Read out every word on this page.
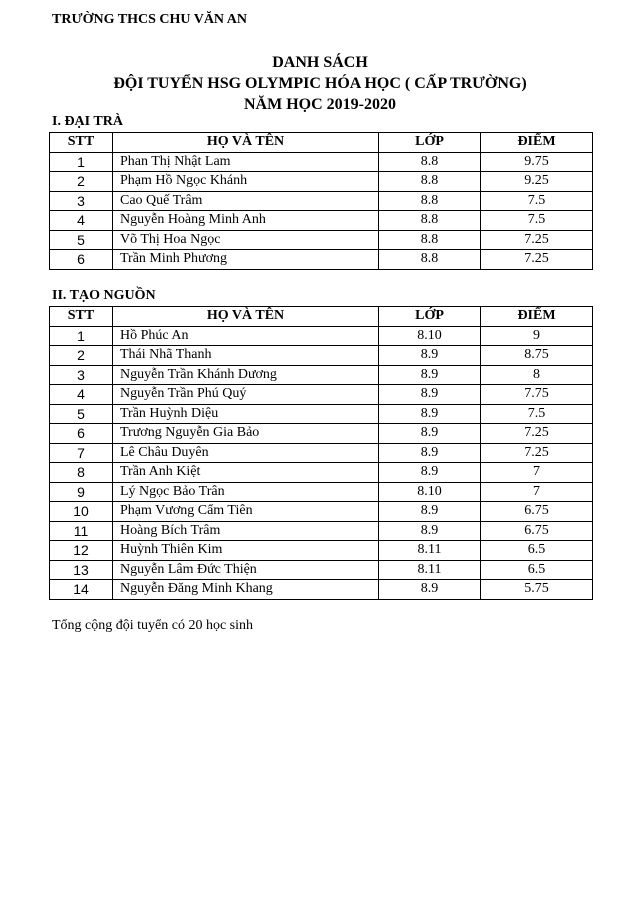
TRƯỜNG THCS CHU VĂN AN
DANH SÁCH
ĐỘI TUYỂN HSG OLYMPIC HÓA HỌC ( CẤP TRƯỜNG)
NĂM HỌC 2019-2020
I. ĐẠI TRÀ
STT	HỌ VÀ TÊN	LỚP	ĐIỂM
1	Phan Thị Nhật Lam	8.8	9.75
2	Phạm Hồ Ngọc Khánh	8.8	9.25
3	Cao Quế Trâm	8.8	7.5
4	Nguyễn Hoàng Minh Anh	8.8	7.5
5	Võ Thị Hoa Ngọc	8.8	7.25
6	Trần Minh Phương	8.8	7.25
II. TẠO NGUỒN
STT	HỌ VÀ TÊN	LỚP	ĐIỂM
1	Hồ Phúc An	8.10	9
2	Thái Nhã Thanh	8.9	8.75
3	Nguyễn Trần Khánh Dương	8.9	8
4	Nguyễn Trần Phú Quý	8.9	7.75
5	Trần Huỳnh Diệu	8.9	7.5
6	Trương Nguyễn Gia Bảo	8.9	7.25
7	Lê Châu Duyên	8.9	7.25
8	Trần Anh Kiệt	8.9	7
9	Lý Ngọc Bảo Trân	8.10	7
10	Phạm Vương Cẩm Tiên	8.9	6.75
11	Hoàng Bích Trâm	8.9	6.75
12	Huỳnh Thiên Kim	8.11	6.5
13	Nguyễn Lâm Đức Thiện	8.11	6.5
14	Nguyễn Đăng Minh Khang	8.9	5.75
Tổng cộng đội tuyển có 20 học sinh
